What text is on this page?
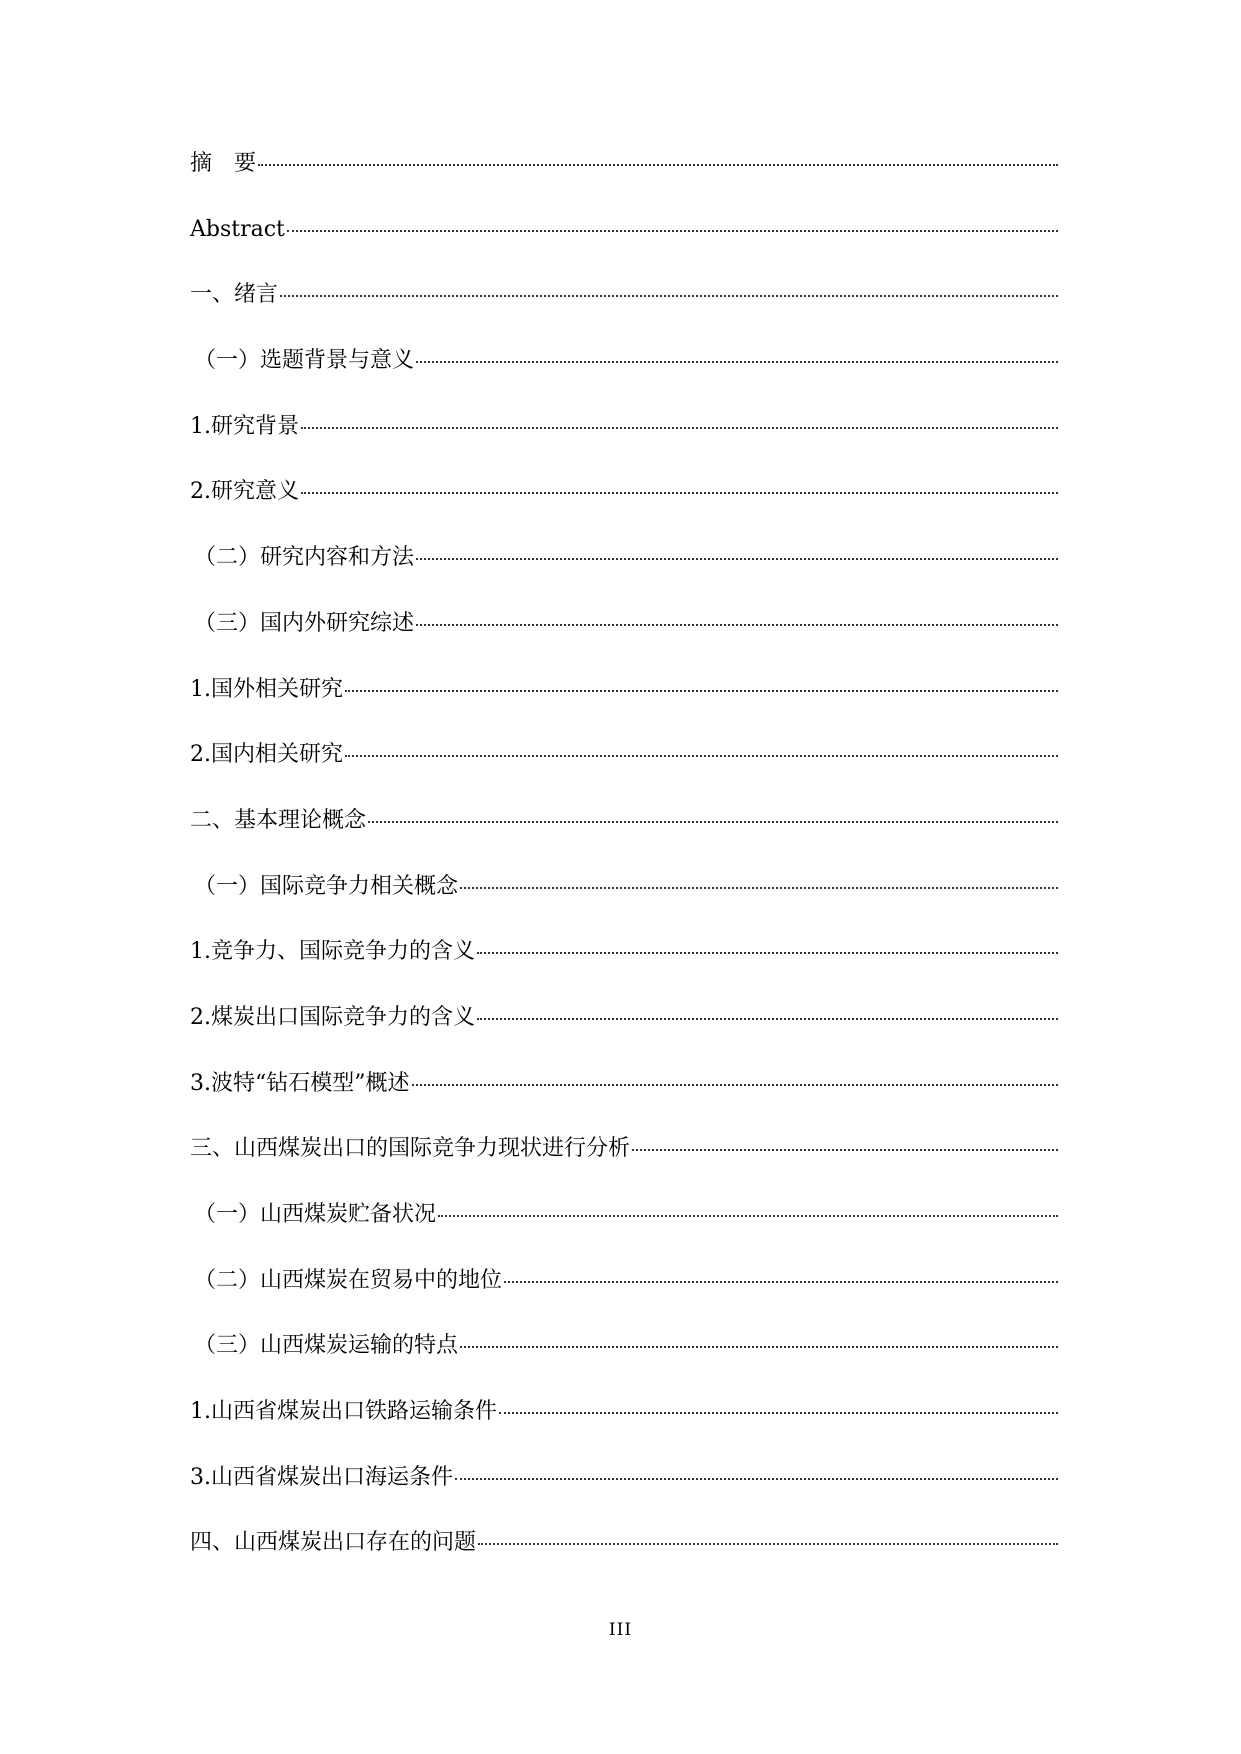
摘　要
Abstract
一、绪言
（一）选题背景与意义
1.研究背景
2.研究意义
（二）研究内容和方法
（三）国内外研究综述
1.国外相关研究
2.国内相关研究
二、基本理论概念
（一）国际竞争力相关概念
1.竞争力、国际竞争力的含义
2.煤炭出口国际竞争力的含义
3.波特“钻石模型”概述
三、山西煤炭出口的国际竞争力现状进行分析
（一）山西煤炭贮备状况
（二）山西煤炭在贸易中的地位
（三）山西煤炭运输的特点
1.山西省煤炭出口铁路运输条件
3.山西省煤炭出口海运条件
四、山西煤炭出口存在的问题
III
